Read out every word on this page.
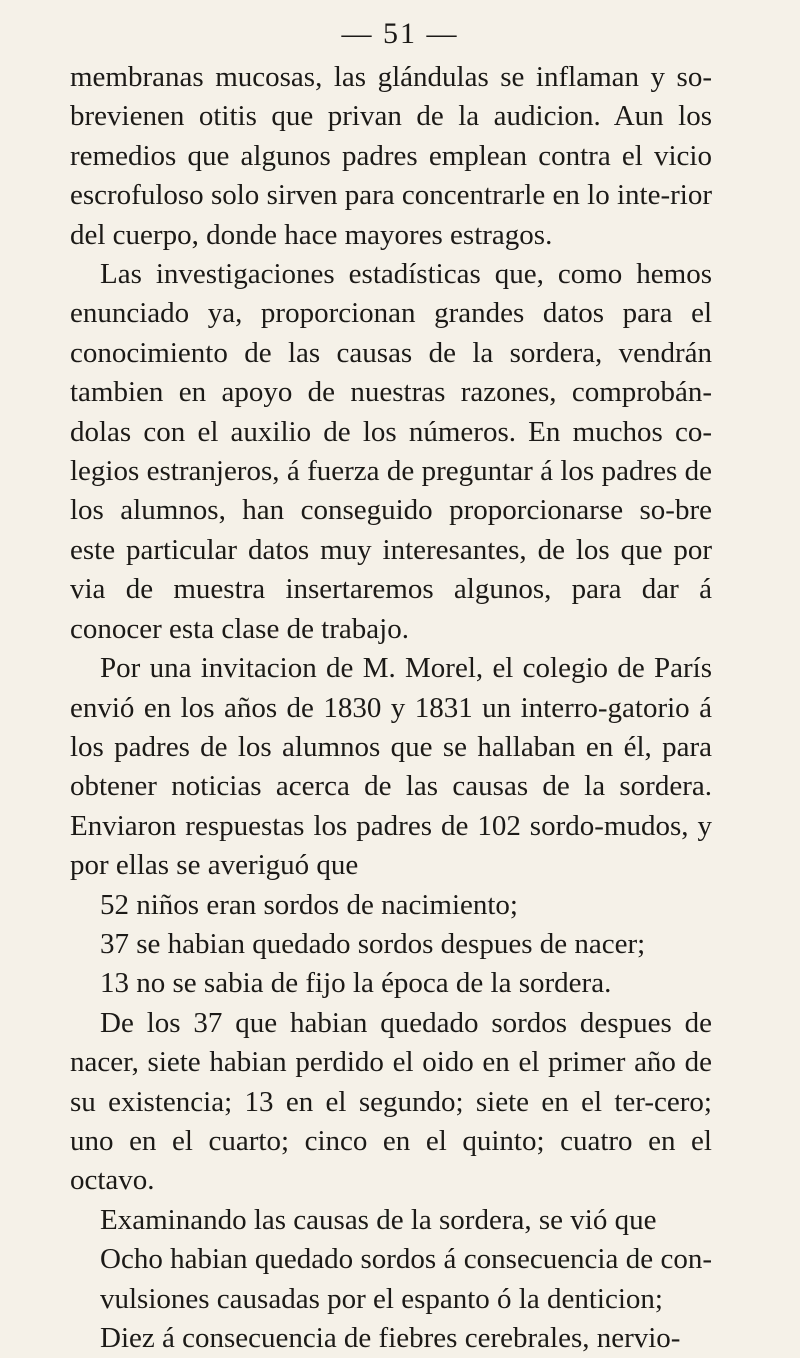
— 51 —

membranas mucosas, las glándulas se inflaman y so-brevienen otitis que privan de la audicion. Aun los remedios que algunos padres emplean contra el vicio escrofuloso solo sirven para concentrarle en lo inte-rior del cuerpo, donde hace mayores estragos.

Las investigaciones estadísticas que, como hemos enunciado ya, proporcionan grandes datos para el conocimiento de las causas de la sordera, vendrán tambien en apoyo de nuestras razones, comprobán-dolas con el auxilio de los números. En muchos co-legios estranjeros, á fuerza de preguntar á los padres de los alumnos, han conseguido proporcionarse so-bre este particular datos muy interesantes, de los que por via de muestra insertaremos algunos, para dar á conocer esta clase de trabajo.

Por una invitacion de M. Morel, el colegio de París envió en los años de 1830 y 1831 un interro-gatorio á los padres de los alumnos que se hallaban en él, para obtener noticias acerca de las causas de la sordera. Enviaron respuestas los padres de 102 sordo-mudos, y por ellas se averiguó que

52 niños eran sordos de nacimiento;

37 se habian quedado sordos despues de nacer;

13 no se sabia de fijo la época de la sordera.

De los 37 que habian quedado sordos despues de nacer, siete habian perdido el oido en el primer año de su existencia; 13 en el segundo; siete en el ter-cero; uno en el cuarto; cinco en el quinto; cuatro en el octavo.

Examinando las causas de la sordera, se vió que

Ocho habian quedado sordos á consecuencia de con-vulsiones causadas por el espanto ó la denticion;

Diez á consecuencia de fiebres cerebrales, nervio-
